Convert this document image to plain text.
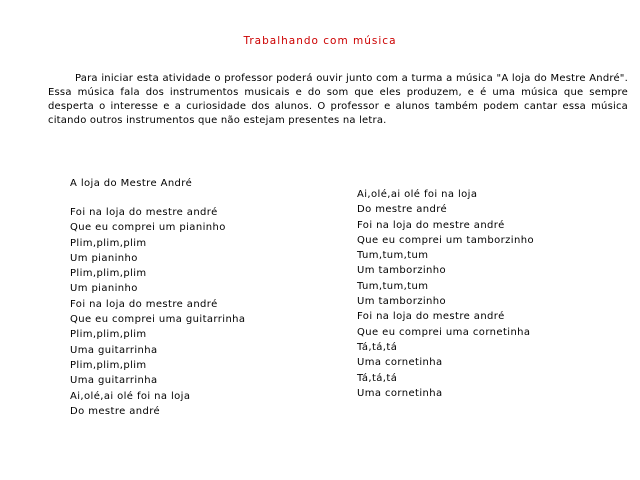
Trabalhando com música

Para iniciar esta atividade o professor poderá ouvir junto com a turma a música "A loja do Mestre André". Essa música fala dos instrumentos musicais e do som que eles produzem, e é uma música que sempre desperta o interesse e a curiosidade dos alunos. O professor e alunos também podem cantar essa música citando outros instrumentos que não estejam presentes na letra.

A loja do Mestre André
Foi na loja do mestre andré
Que eu comprei um pianinho
Plim,plim,plim
Um pianinho
Plim,plim,plim
Um pianinho
Foi na loja do mestre andré
Que eu comprei uma guitarrinha
Plim,plim,plim
Uma guitarrinha
Plim,plim,plim
Uma guitarrinha
Ai,olé,ai olé foi na loja
Do mestre andré
Ai,olé,ai olé foi na loja
Do mestre andré
Foi na loja do mestre andré
Que eu comprei um tamborzinho
Tum,tum,tum
Um tamborzinho
Tum,tum,tum
Um tamborzinho
Foi na loja do mestre andré
Que eu comprei uma cornetinha
Tá,tá,tá
Uma cornetinha
Tá,tá,tá
Uma cornetinha
